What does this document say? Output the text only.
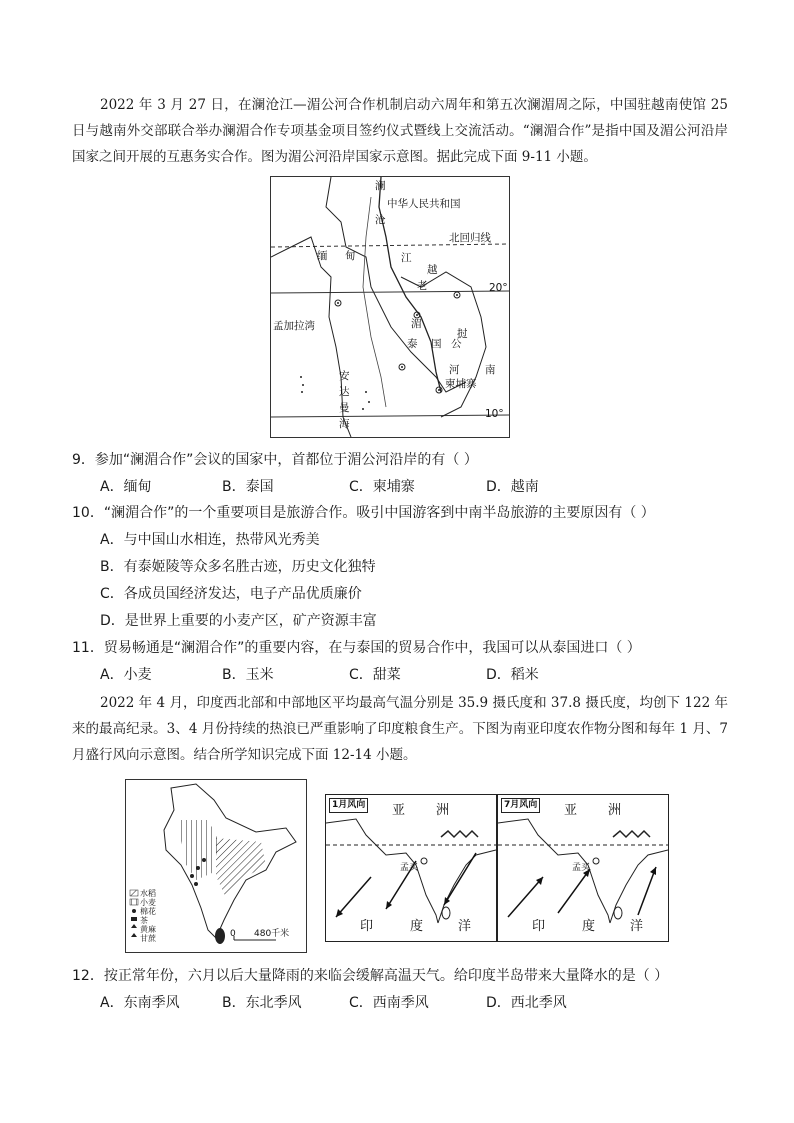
2022 年 3 月 27 日，在澜沧江—湄公河合作机制启动六周年和第五次澜湄周之际，中国驻越南使馆 25 日与越南外交部联合举办澜湄合作专项基金项目签约仪式暨线上交流活动。“澜湄合作”是指中国及湄公河沿岸国家之间开展的互惠务实合作。图为湄公河沿岸国家示意图。据此完成下面 9-11 小题。
澜
中华人民共和国
沧
北回归线
缅 甸	江
越
老	20°
孟加拉湾	湄
挝
泰 国 公
河 南
安
柬埔寨
达
曼	10°
海
9．参加“澜湄合作”会议的国家中，首都位于湄公河沿岸的有（ ）
A．缅甸	B．泰国	C．柬埔寨	D．越南
10．“澜湄合作”的一个重要项目是旅游合作。吸引中国游客到中南半岛旅游的主要原因有（ ）
A．与中国山水相连，热带风光秀美
B．有泰姬陵等众多名胜古迹，历史文化独特
C．各成员国经济发达，电子产品优质廉价
D．是世界上重要的小麦产区，矿产资源丰富
11．贸易畅通是“澜湄合作”的重要内容，在与泰国的贸易合作中，我国可以从泰国进口（ ）
A．小麦	B．玉米	C．甜菜	D．稻米
2022 年 4 月，印度西北部和中部地区平均最高气温分别是 35.9 摄氏度和 37.8 摄氏度，均创下 122 年来的最高纪录。3、4 月份持续的热浪已严重影响了印度粮食生产。下图为南亚印度农作物分图和每年 1 月、7 月盛行风向示意图。结合所学知识完成下面 12-14 小题。
水稻
小麦
棉花
茶
黄麻
甘蔗	0 480千米
1月风向 亚 洲
孟买
印	度	洋
7月风向 亚 洲
孟买
印	度	洋
12．按正常年份，六月以后大量降雨的来临会缓解高温天气。给印度半岛带来大量降水的是（ ）
A．东南季风	B．东北季风	C．西南季风	D．西北季风
